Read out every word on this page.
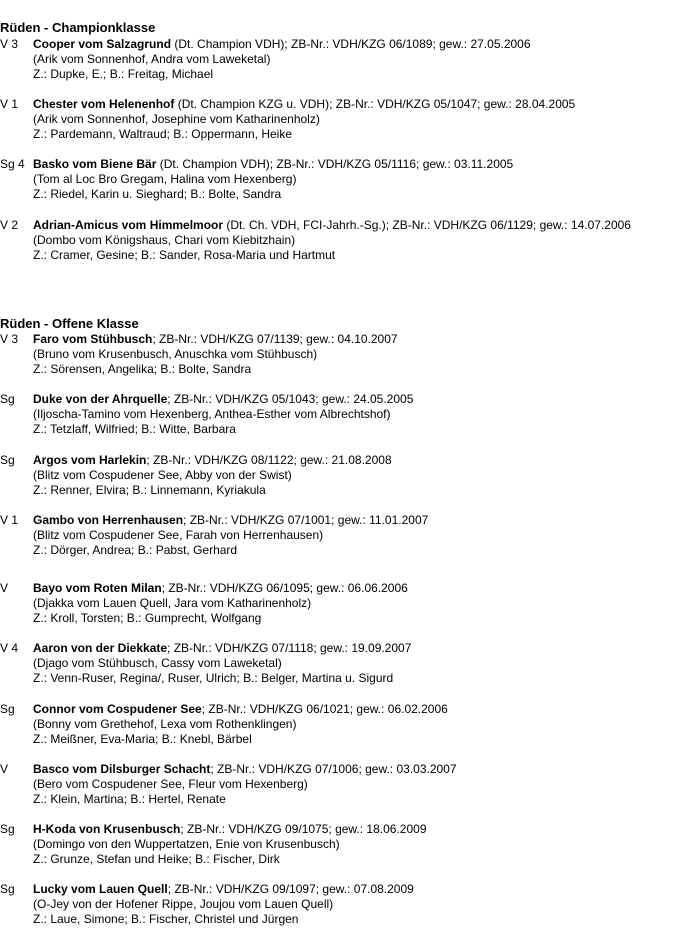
Rüden - Championklasse
V 3 Cooper vom Salzagrund (Dt. Champion VDH); ZB-Nr.: VDH/KZG 06/1089; gew.: 27.05.2006
(Arik vom Sonnenhof, Andra vom Laweketal)
Z.: Dupke, E.; B.: Freitag, Michael
V 1 Chester vom Helenenhof (Dt. Champion KZG u. VDH); ZB-Nr.: VDH/KZG 05/1047; gew.: 28.04.2005
(Arik vom Sonnenhof, Josephine vom Katharinenholz)
Z.: Pardemann, Waltraud; B.: Oppermann, Heike
Sg 4 Basko vom Biene Bär (Dt. Champion VDH); ZB-Nr.: VDH/KZG 05/1116; gew.: 03.11.2005
(Tom al Loc Bro Gregam, Halina vom Hexenberg)
Z.: Riedel, Karin u. Sieghard; B.: Bolte, Sandra
V 2 Adrian-Amicus vom Himmelmoor (Dt. Ch. VDH, FCI-Jahrh.-Sg.); ZB-Nr.: VDH/KZG 06/1129; gew.: 14.07.2006
(Dombo vom Königshaus, Chari vom Kiebitzhain)
Z.: Cramer, Gesine; B.: Sander, Rosa-Maria und Hartmut
Rüden - Offene Klasse
V 3 Faro vom Stühbusch; ZB-Nr.: VDH/KZG 07/1139; gew.: 04.10.2007
(Bruno vom Krusenbusch, Anuschka vom Stühbusch)
Z.: Sörensen, Angelika; B.: Bolte, Sandra
Sg Duke von der Ahrquelle; ZB-Nr.: VDH/KZG 05/1043; gew.: 24.05.2005
(Iljoscha-Tamino vom Hexenberg, Anthea-Esther vom Albrechtshof)
Z.: Tetzlaff, Wilfried; B.: Witte, Barbara
Sg Argos vom Harlekin; ZB-Nr.: VDH/KZG 08/1122; gew.: 21.08.2008
(Blitz vom Cospudener See, Abby von der Swist)
Z.: Renner, Elvira; B.: Linnemann, Kyriakula
V 1 Gambo von Herrenhausen; ZB-Nr.: VDH/KZG 07/1001; gew.: 11.01.2007
(Blitz vom Cospudener See, Farah von Herrenhausen)
Z.: Dörger, Andrea; B.: Pabst, Gerhard
V Bayo vom Roten Milan; ZB-Nr.: VDH/KZG 06/1095; gew.: 06.06.2006
(Djakka vom Lauen Quell, Jara vom Katharinenholz)
Z.: Kroll, Torsten; B.: Gumprecht, Wolfgang
V 4 Aaron von der Diekkate; ZB-Nr.: VDH/KZG 07/1118; gew.: 19.09.2007
(Djago vom Stühbusch, Cassy vom Laweketal)
Z.: Venn-Ruser, Regina/, Ruser, Ulrich; B.: Belger, Martina u. Sigurd
Sg Connor vom Cospudener See; ZB-Nr.: VDH/KZG 06/1021; gew.: 06.02.2006
(Bonny vom Grethehof, Lexa vom Rothenklingen)
Z.: Meißner, Eva-Maria; B.: Knebl, Bärbel
V Basco vom Dilsburger Schacht; ZB-Nr.: VDH/KZG 07/1006; gew.: 03.03.2007
(Bero vom Cospudener See, Fleur vom Hexenberg)
Z.: Klein, Martina; B.: Hertel, Renate
Sg H-Koda von Krusenbusch; ZB-Nr.: VDH/KZG 09/1075; gew.: 18.06.2009
(Domingo von den Wuppertatzen, Enie von Krusenbusch)
Z.: Grunze, Stefan und Heike; B.: Fischer, Dirk
Sg Lucky vom Lauen Quell; ZB-Nr.: VDH/KZG 09/1097; gew.: 07.08.2009
(O-Jey von der Hofener Rippe, Joujou vom Lauen Quell)
Z.: Laue, Simone; B.: Fischer, Christel und Jürgen
